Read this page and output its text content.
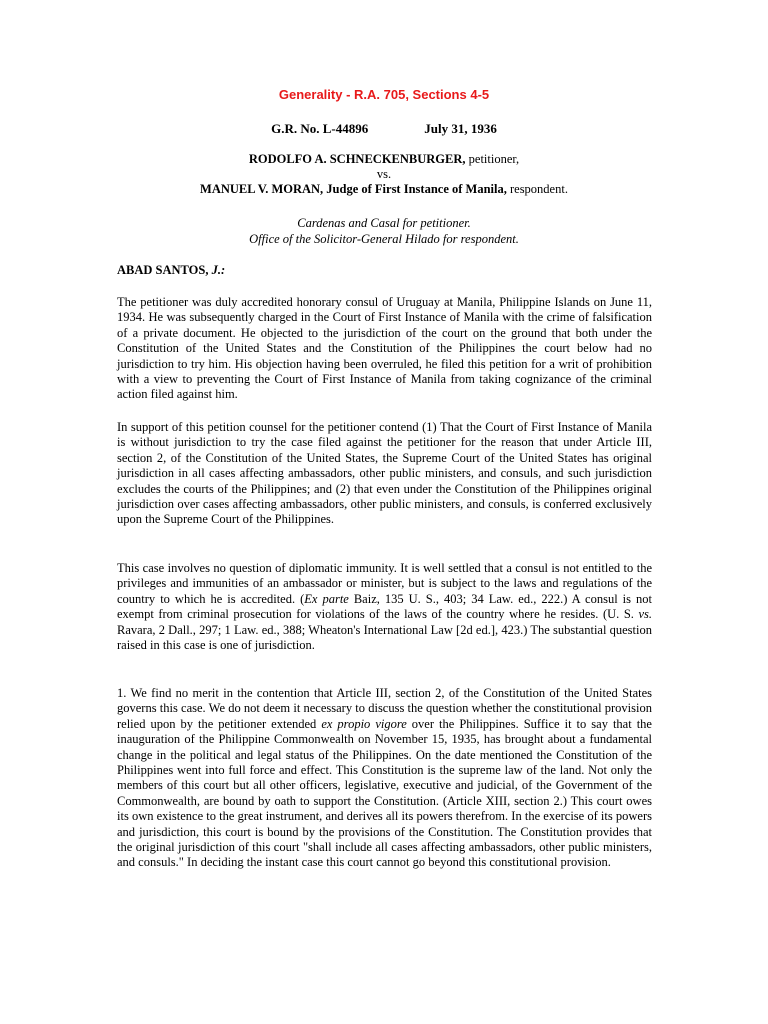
Generality - R.A. 705, Sections 4-5
G.R. No. L-44896	July 31, 1936
RODOLFO A. SCHNECKENBURGER, petitioner,
vs.
MANUEL V. MORAN, Judge of First Instance of Manila, respondent.
Cardenas and Casal for petitioner.
Office of the Solicitor-General Hilado for respondent.
ABAD SANTOS, J.:

The petitioner was duly accredited honorary consul of Uruguay at Manila, Philippine Islands on June 11, 1934. He was subsequently charged in the Court of First Instance of Manila with the crime of falsification of a private document. He objected to the jurisdiction of the court on the ground that both under the Constitution of the United States and the Constitution of the Philippines the court below had no jurisdiction to try him. His objection having been overruled, he filed this petition for a writ of prohibition with a view to preventing the Court of First Instance of Manila from taking cognizance of the criminal action filed against him.

In support of this petition counsel for the petitioner contend (1) That the Court of First Instance of Manila is without jurisdiction to try the case filed against the petitioner for the reason that under Article III, section 2, of the Constitution of the United States, the Supreme Court of the United States has original jurisdiction in all cases affecting ambassadors, other public ministers, and consuls, and such jurisdiction excludes the courts of the Philippines; and (2) that even under the Constitution of the Philippines original jurisdiction over cases affecting ambassadors, other public ministers, and consuls, is conferred exclusively upon the Supreme Court of the Philippines.

This case involves no question of diplomatic immunity. It is well settled that a consul is not entitled to the privileges and immunities of an ambassador or minister, but is subject to the laws and regulations of the country to which he is accredited. (Ex parte Baiz, 135 U. S., 403; 34 Law. ed., 222.) A consul is not exempt from criminal prosecution for violations of the laws of the country where he resides. (U. S. vs. Ravara, 2 Dall., 297; 1 Law. ed., 388; Wheaton's International Law [2d ed.], 423.) The substantial question raised in this case is one of jurisdiction.

1. We find no merit in the contention that Article III, section 2, of the Constitution of the United States governs this case. We do not deem it necessary to discuss the question whether the constitutional provision relied upon by the petitioner extended ex propio vigore over the Philippines. Suffice it to say that the inauguration of the Philippine Commonwealth on November 15, 1935, has brought about a fundamental change in the political and legal status of the Philippines. On the date mentioned the Constitution of the Philippines went into full force and effect. This Constitution is the supreme law of the land. Not only the members of this court but all other officers, legislative, executive and judicial, of the Government of the Commonwealth, are bound by oath to support the Constitution. (Article XIII, section 2.) This court owes its own existence to the great instrument, and derives all its powers therefrom. In the exercise of its powers and jurisdiction, this court is bound by the provisions of the Constitution. The Constitution provides that the original jurisdiction of this court "shall include all cases affecting ambassadors, other public ministers, and consuls." In deciding the instant case this court cannot go beyond this constitutional provision.
